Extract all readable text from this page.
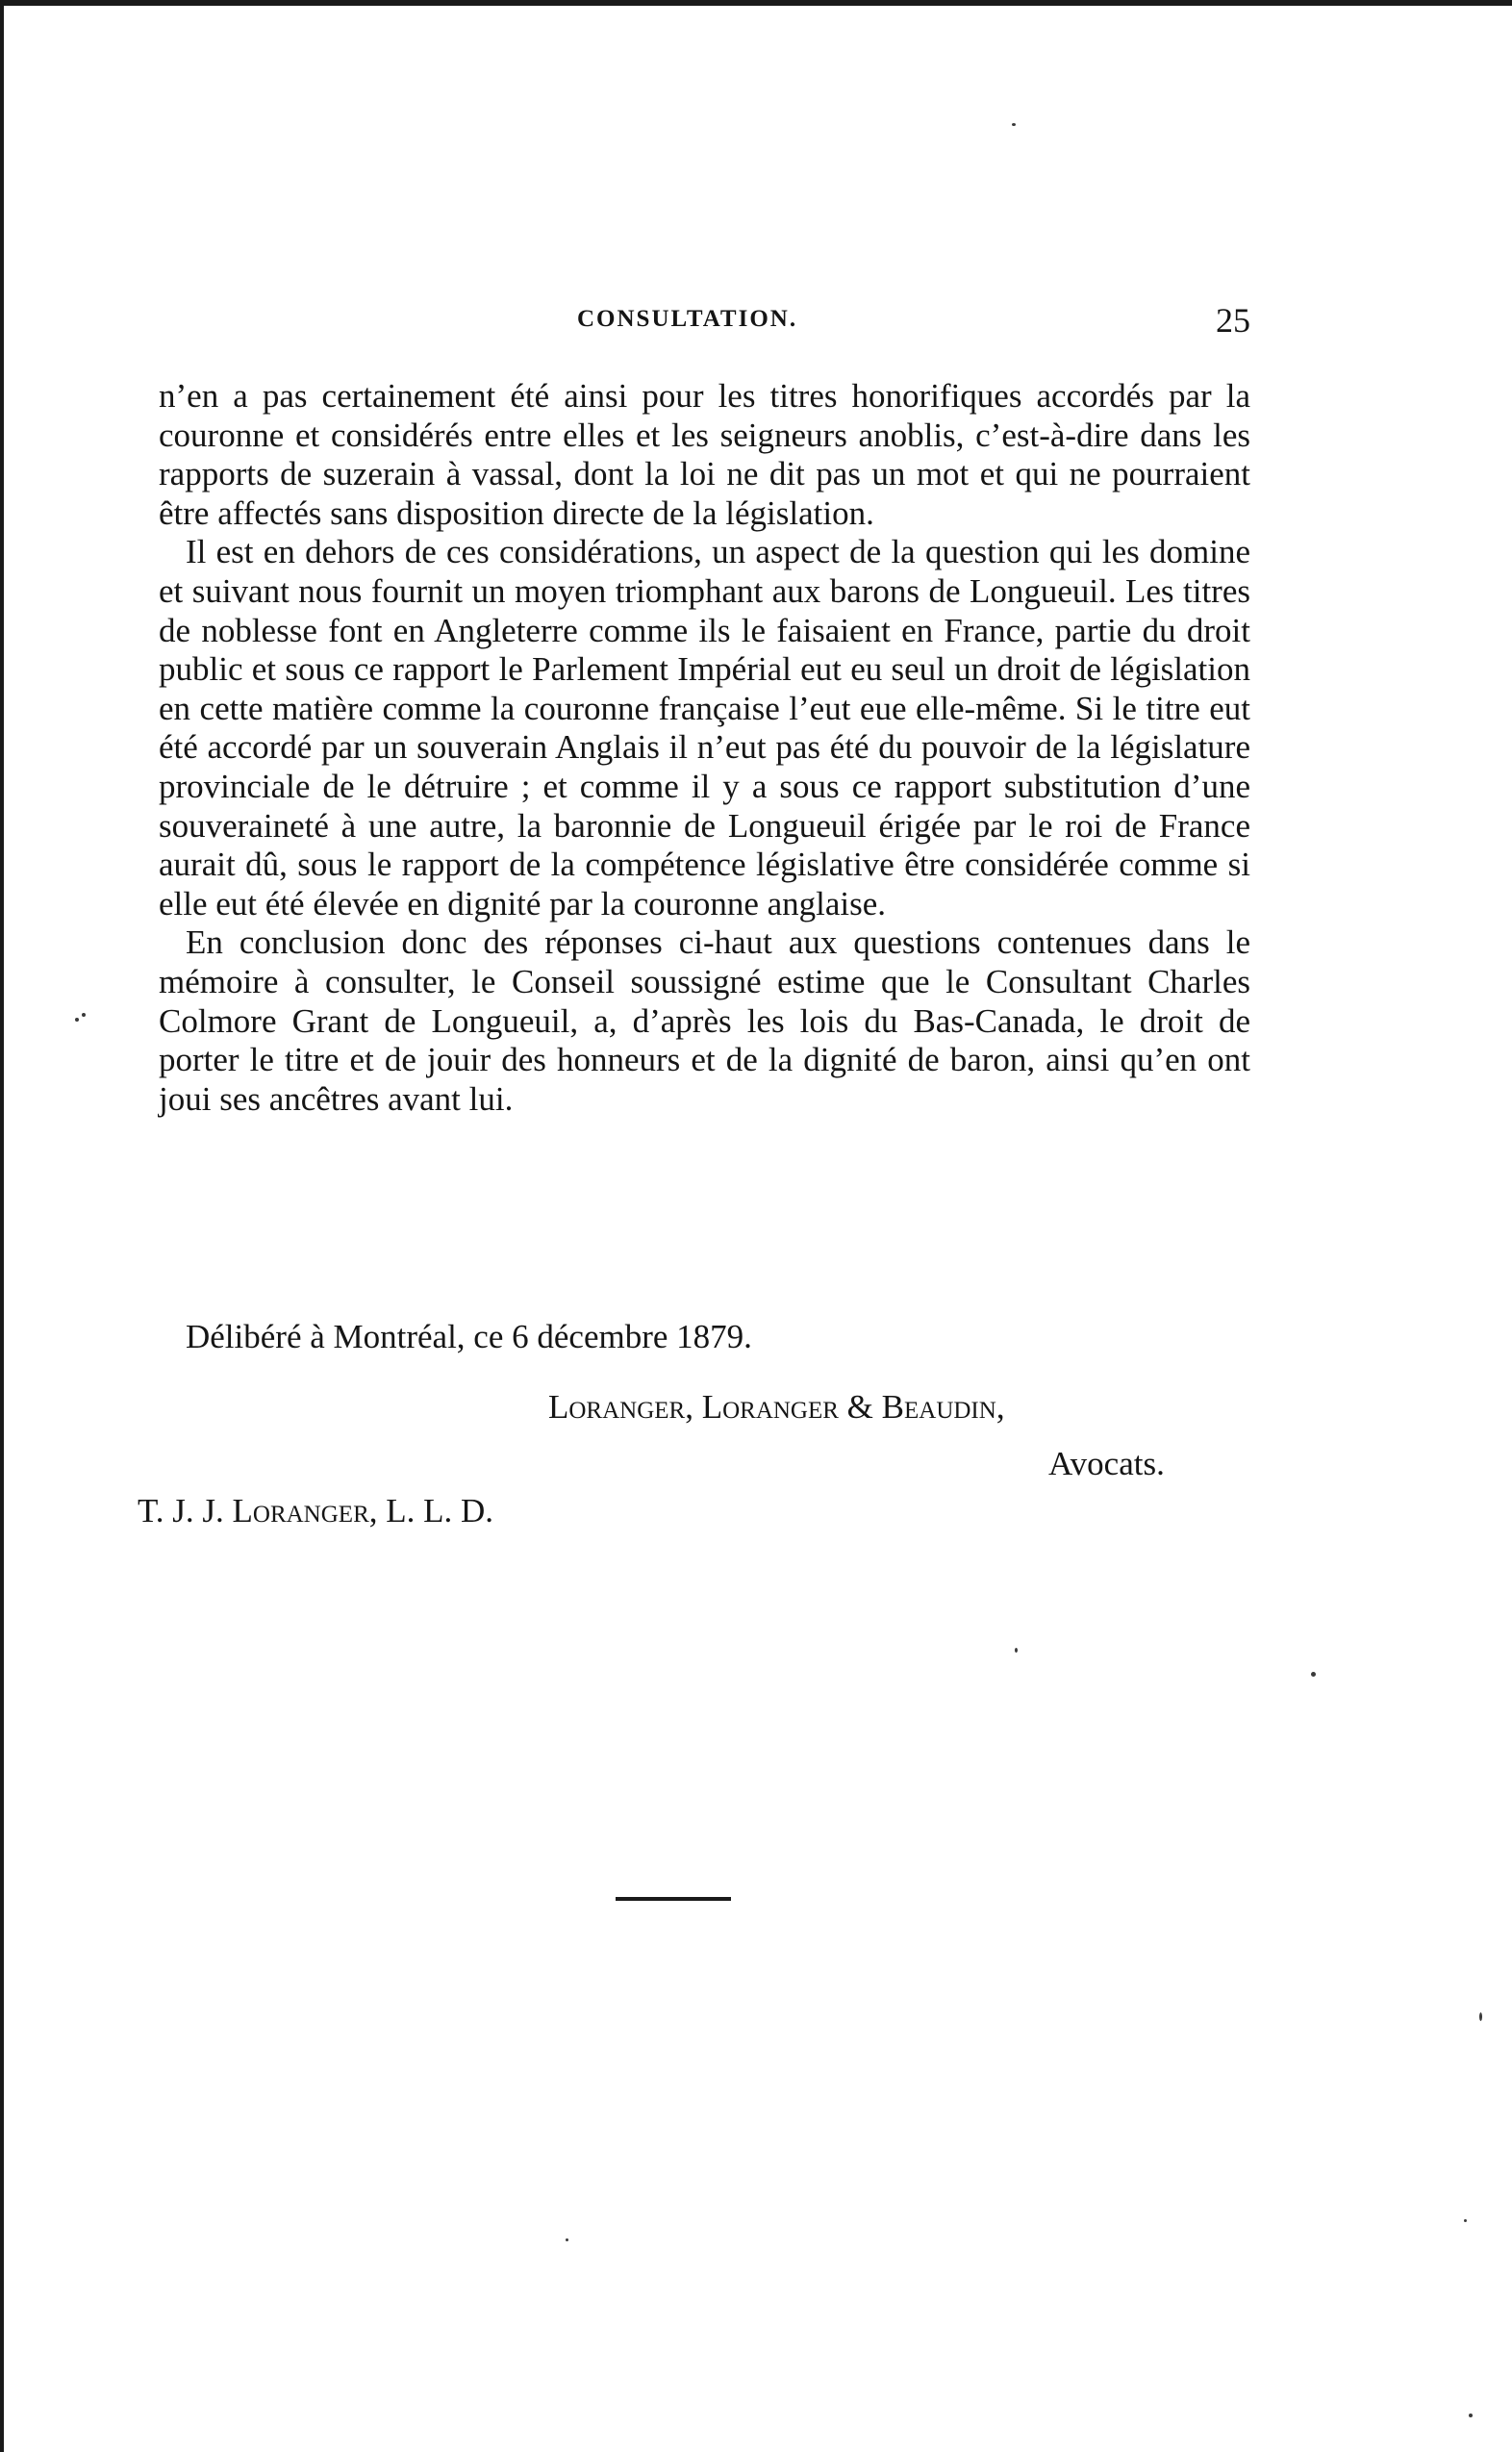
CONSULTATION.	25

n’en a pas certainement été ainsi pour les titres honorifiques accordés par la couronne et considérés entre elles et les seigneurs anoblis, c’est-à-dire dans les rapports de suzerain à vassal, dont la loi ne dit pas un mot et qui ne pourraient être affectés sans disposition directe de la législation.

Il est en dehors de ces considérations, un aspect de la question qui les domine et suivant nous fournit un moyen triomphant aux barons de Longueuil. Les titres de noblesse font en Angleterre comme ils le faisaient en France, partie du droit public et sous ce rapport le Parlement Impérial eut eu seul un droit de législation en cette matière comme la couronne française l’eut eue elle-même. Si le titre eut été accordé par un souverain Anglais il n’eut pas été du pouvoir de la législature provinciale de le détruire ; et comme il y a sous ce rapport substitution d’une souveraineté à une autre, la baronnie de Longueuil érigée par le roi de France aurait dû, sous le rapport de la compétence législative être considérée comme si elle eut été élevée en dignité par la couronne anglaise.

En conclusion donc des réponses ci-haut aux questions contenues dans le mémoire à consulter, le Conseil soussigné estime que le Consultant Charles Colmore Grant de Longueuil, a, d’après les lois du Bas-Canada, le droit de porter le titre et de jouir des honneurs et de la dignité de baron, ainsi qu’en ont joui ses ancêtres avant lui.

Délibéré à Montréal, ce 6 décembre 1879.
Loranger, Loranger & Beaudin,
Avocats.
T. J. J. Loranger, L. L. D.
